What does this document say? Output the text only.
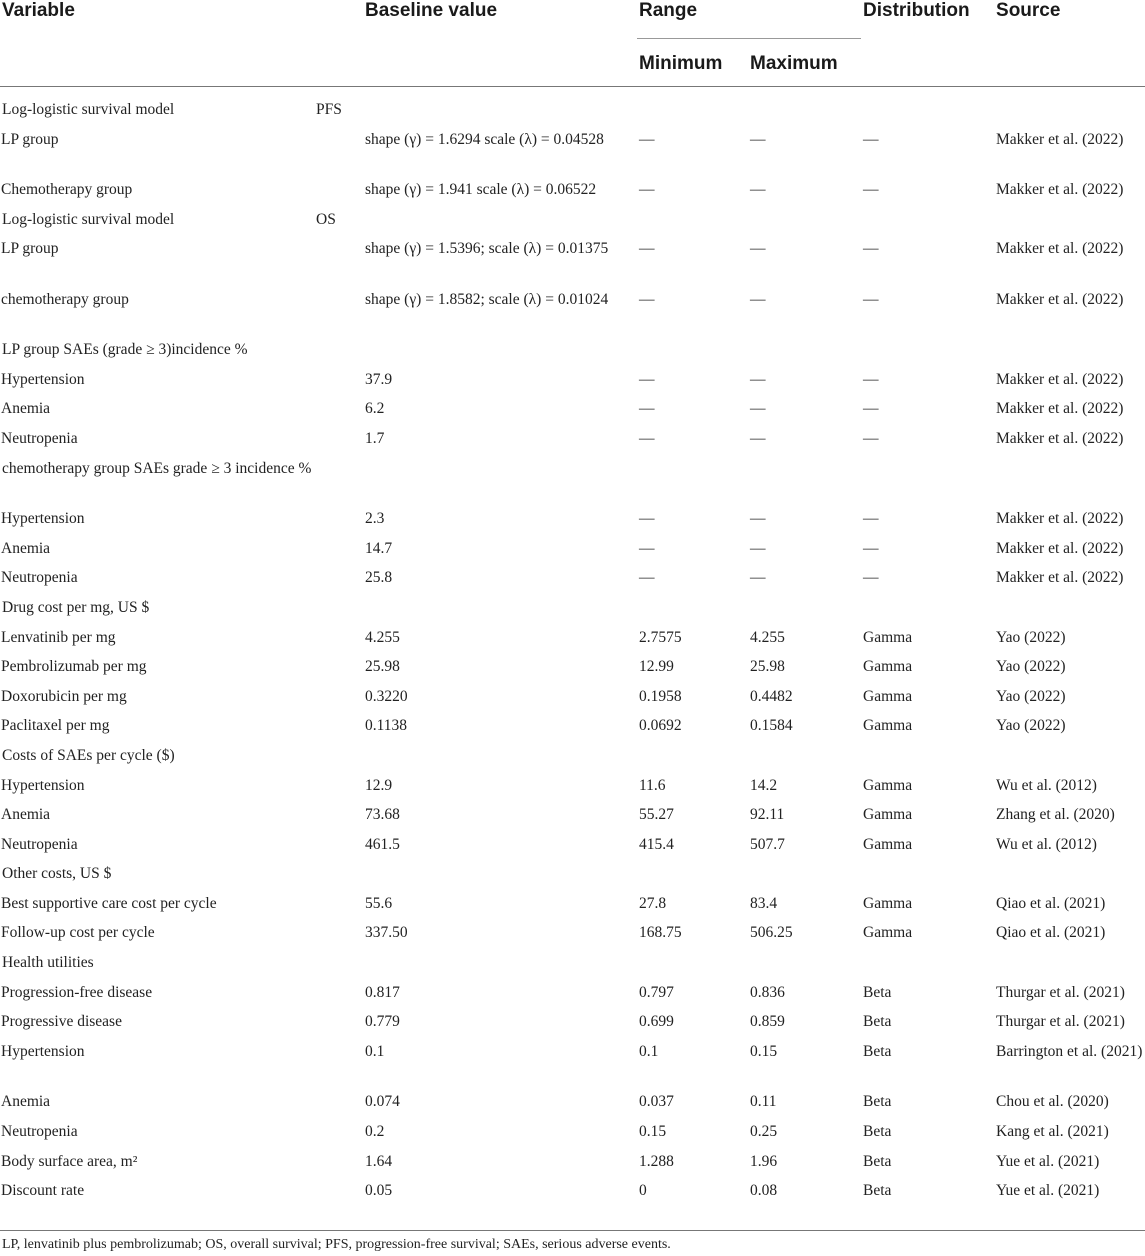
Variable	Baseline value	Range		Distribution	Source
		Minimum	Maximum		
Log-logistic survival model PFS					

LP group	shape (γ) = 1.6294 scale (λ) = 0.04528	—	—	—	Makker et al. (2022)
Chemotherapy group	shape (γ) = 1.941 scale (λ) = 0.06522	—	—	—	Makker et al. (2022)
Log-logistic survival model OS					

LP group	shape (γ) = 1.5396; scale (λ) = 0.01375	—	—	—	Makker et al. (2022)
chemotherapy group	shape (γ) = 1.8582; scale (λ) = 0.01024	—	—	—	Makker et al. (2022)
LP group SAEs (grade ≥ 3)incidence %					
Hypertension	37.9	—	—	—	Makker et al. (2022)
Anemia	6.2	—	—	—	Makker et al. (2022)
Neutropenia	1.7	—	—	—	Makker et al. (2022)
chemotherapy group SAEs grade ≥ 3 incidence %					
Hypertension	2.3	—	—	—	Makker et al. (2022)
Anemia	14.7	—	—	—	Makker et al. (2022)
Neutropenia	25.8	—	—	—	Makker et al. (2022)
Drug cost per mg, US $					
Lenvatinib per mg	4.255	2.7575	4.255	Gamma	Yao (2022)
Pembrolizumab per mg	25.98	12.99	25.98	Gamma	Yao (2022)
Doxorubicin per mg	0.3220	0.1958	0.4482	Gamma	Yao (2022)
Paclitaxel per mg	0.1138	0.0692	0.1584	Gamma	Yao (2022)
Costs of SAEs per cycle ($)					
Hypertension	12.9	11.6	14.2	Gamma	Wu et al. (2012)
Anemia	73.68	55.27	92.11	Gamma	Zhang et al. (2020)
Neutropenia	461.5	415.4	507.7	Gamma	Wu et al. (2012)
Other costs, US $					
Best supportive care cost per cycle	55.6	27.8	83.4	Gamma	Qiao et al. (2021)
Follow-up cost per cycle	337.50	168.75	506.25	Gamma	Qiao et al. (2021)
Health utilities					
Progression-free disease	0.817	0.797	0.836	Beta	Thurgar et al. (2021)
Progressive disease	0.779	0.699	0.859	Beta	Thurgar et al. (2021)
Hypertension	0.1	0.1	0.15	Beta	Barrington et al. (2021)
Anemia	0.074	0.037	0.11	Beta	Chou et al. (2020)
Neutropenia	0.2	0.15	0.25	Beta	Kang et al. (2021)
Body surface area, m²	1.64	1.288	1.96	Beta	Yue et al. (2021)
Discount rate	0.05	0	0.08	Beta	Yue et al. (2021)
LP, lenvatinib plus pembrolizumab; OS, overall survival; PFS, progression-free survival; SAEs, serious adverse events.
